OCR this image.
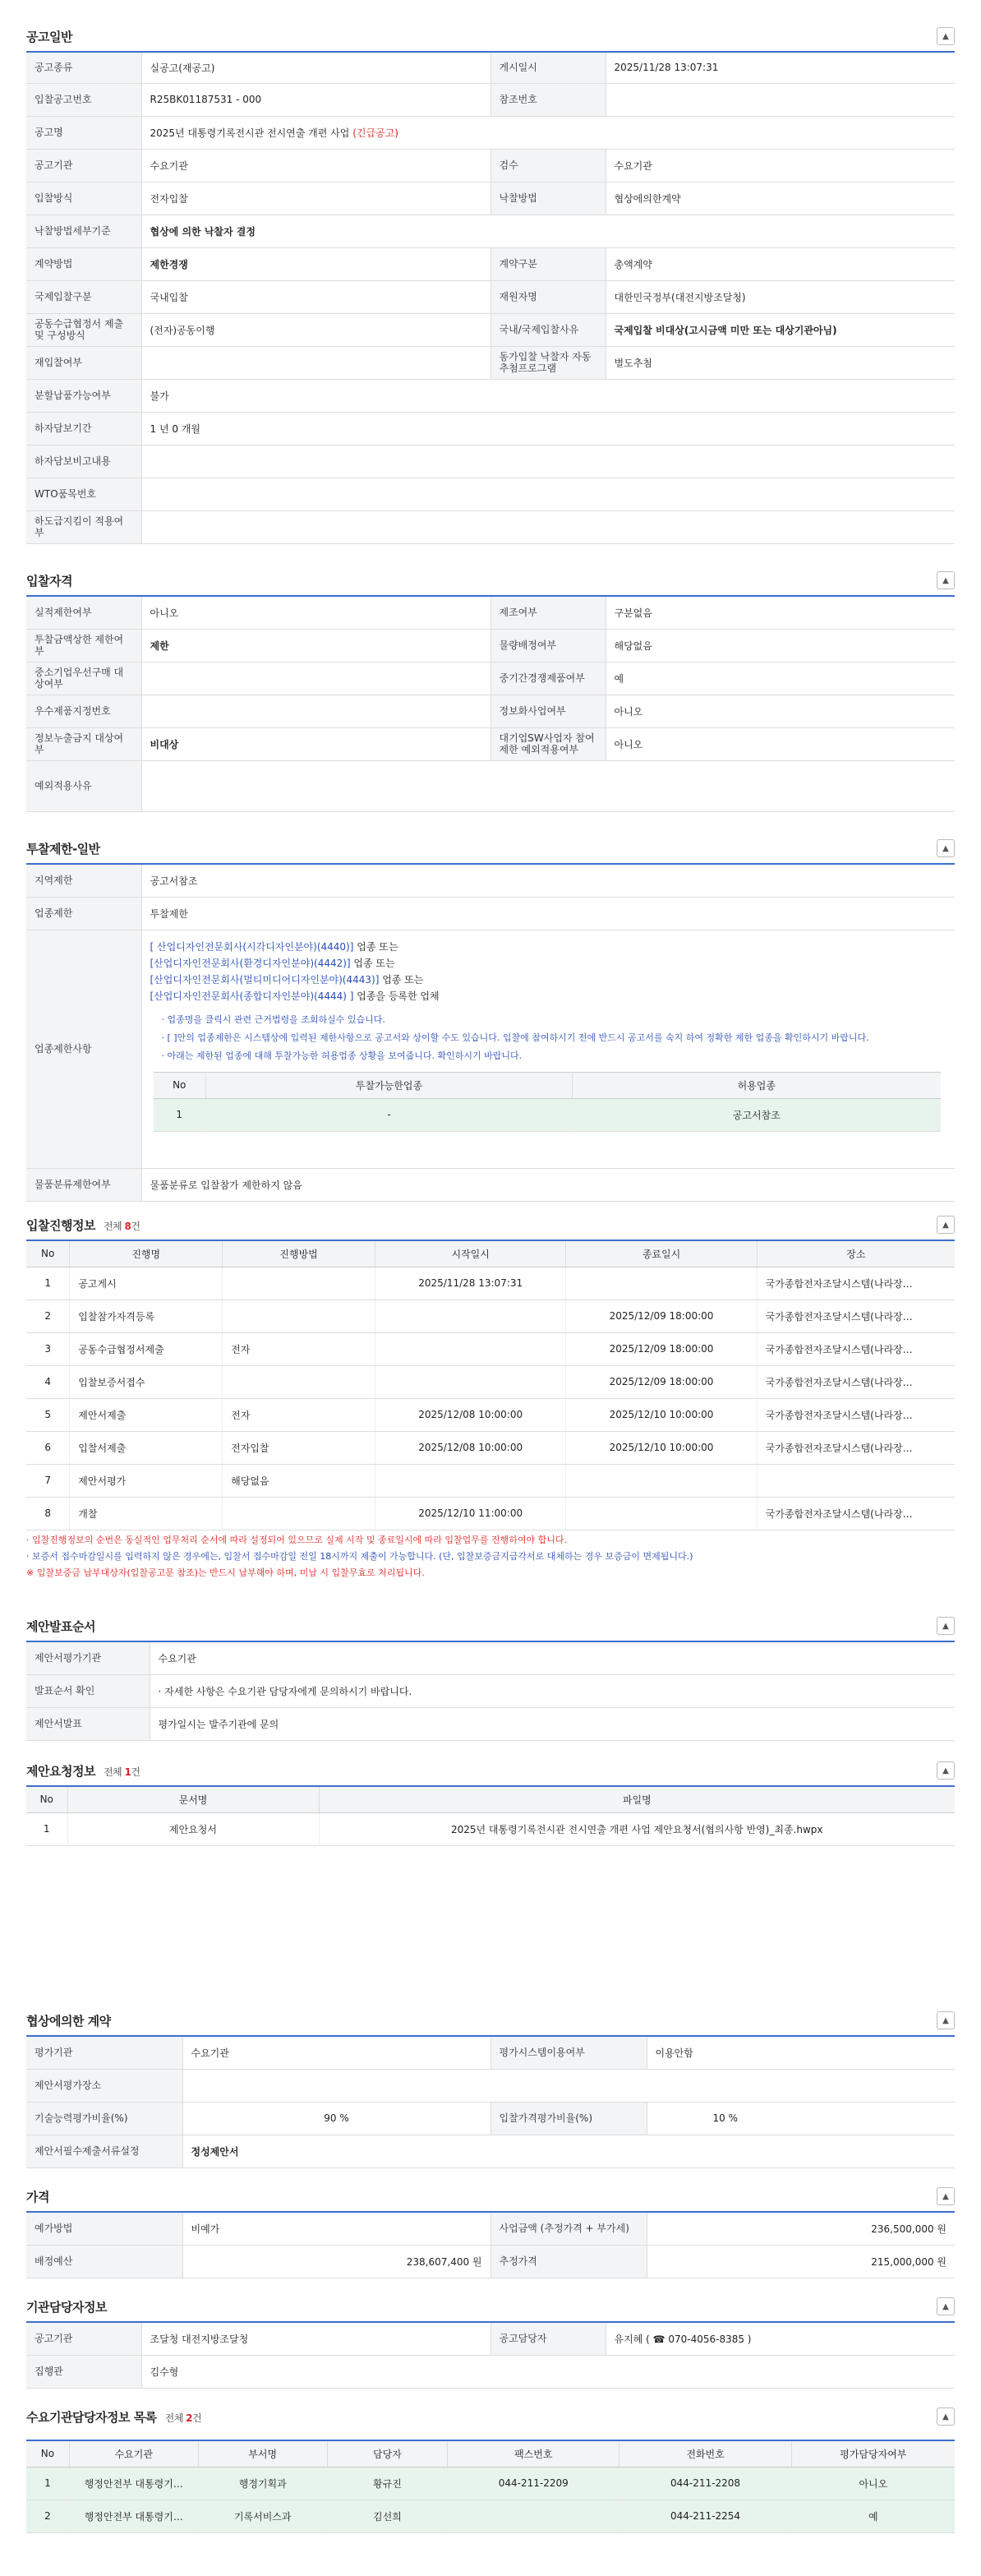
공고일반	▲
공고종류	실공고(재공고)	게시일시	2025/11/28 13:07:31
입찰공고번호	R25BK01187531 - 000	참조번호	
공고명	2025년 대통령기록전시관 전시연출 개편 사업 (긴급공고)		
공고기관	수요기관	검수	수요기관
입찰방식	전자입찰	낙찰방법	협상에의한계약
낙찰방법세부기준	협상에 의한 낙찰자 결정		
계약방법	제한경쟁	계약구분	총액계약
국제입찰구분	국내입찰	재원자명	대한민국정부(대전지방조달청)
공동수급협정서 제출 및 구성방식	(전자)공동이행	국내/국제입찰사유	국제입찰 비대상(고시금액 미만 또는 대상기관아님)
재입찰여부		동가입찰 낙찰자 자동추첨프로그램	별도추첨
분할납품가능여부	불가		
하자담보기간	1 년 0 개월		
하자담보비고내용			
WTO품목번호			
하도급지킴이 적용여부			
입찰자격	▲
실적제한여부	아니오	제조여부	구분없음
투찰금액상한 제한여부	제한	물량배정여부	해당없음
중소기업우선구매 대상여부		중기간경쟁제품여부	예
우수제품지정번호		정보화사업여부	아니오
정보누출금지 대상여부	비대상	대기업SW사업자 참여제한 예외적용여부	아니오
예외적용사유			
투찰제한-일반	▲
지역제한	공고서참조
업종제한	투찰제한
업종제한사항	
[ 산업디자인전문회사(시각디자인분야)(4440)] 업종 또는
[산업디자인전문회사(환경디자인분야)(4442)] 업종 또는
[산업디자인전문회사(멀티미디어디자인분야)(4443)] 업종 또는
[산업디자인전문회사(종합디자인분야)(4444) ] 업종을 등록한 업체
· 업종명을 클릭시 관련 근거법령을 조회하실수 있습니다.
· [ ]안의 업종제한은 시스템상에 입력된 제한사항으로 공고서와 상이할 수도 있습니다. 입찰에 참여하시기 전에 반드시 공고서를 숙지 하여 정확한 제한 업종을 확인하시기 바랍니다.
· 아래는 제한된 업종에 대해 투찰가능한 허용업종 상황을 보여줍니다. 확인하시기 바랍니다.
No	투찰가능한업종	허용업종
1	-	공고서참조

물품분류제한여부	물품분류로 입찰참가 제한하지 않음
입찰진행정보 전체 8건	▲
No	진행명	진행방법	시작일시	종료일시	장소
1	공고게시		2025/11/28 13:07:31		국가종합전자조달시스템(나라장…
2	입찰참가자격등록			2025/12/09 18:00:00	국가종합전자조달시스템(나라장…
3	공동수급협정서제출	전자		2025/12/09 18:00:00	국가종합전자조달시스템(나라장…
4	입찰보증서접수			2025/12/09 18:00:00	국가종합전자조달시스템(나라장…
5	제안서제출	전자	2025/12/08 10:00:00	2025/12/10 10:00:00	국가종합전자조달시스템(나라장…
6	입찰서제출	전자입찰	2025/12/08 10:00:00	2025/12/10 10:00:00	국가종합전자조달시스템(나라장…
7	제안서평가	해당없음			
8	개찰		2025/12/10 11:00:00		국가종합전자조달시스템(나라장…
· 입찰진행정보의 순번은 동실적인 업무처리 순서에 따라 설정되어 있으므로 실제 시작 및 종료일시에 따라 입찰업무를 진행하여야 합니다.
· 보증서 접수마감일시를 입력하지 않은 경우에는, 입찰서 접수마감일 전일 18시까지 제출이 가능합니다. (단, 입찰보증금지급각서로 대체하는 경우 보증금이 면제됩니다.)
※ 입찰보증금 납부대상자(입찰공고문 참조)는 반드시 납부해야 하며, 미납 시 입찰무효로 처리됩니다.
제안발표순서	▲
제안서평가기관	수요기관
발표순서 확인	· 자세한 사항은 수요기관 담당자에게 문의하시기 바랍니다.
제안서발표	평가일시는 발주기관에 문의
제안요청정보 전체 1건	▲
No	문서명	파일명
1	제안요청서	2025년 대통령기록전시관 전시연출 개편 사업 제안요청서(협의사항 반영)_최종.hwpx
협상에의한 계약	▲
평가기관	수요기관	평가시스템이용여부	이용안함
제안서평가장소			
기술능력평가비율(%)	90 %	입찰가격평가비율(%)	10 %
제안서필수제출서류설정	정성제안서		
가격	▲
예가방법	비예가	사업금액 (추정가격 + 부가세)	236,500,000 원
배정예산	238,607,400 원	추정가격	215,000,000 원
기관담당자정보	▲
공고기관	조달청 대전지방조달청	공고담당자	유지혜 ( ☎ 070-4056-8385 )
집행관	김수형		
수요기관담당자정보 목록 전체 2건	▲
No	수요기관	부서명	담당자	팩스번호	전화번호	평가담당자여부
1	행정안전부 대통령기…	행정기획과	황규진	044-211-2209	044-211-2208	아니오
2	행정안전부 대통령기…	기록서비스과	김선희		044-211-2254	예
